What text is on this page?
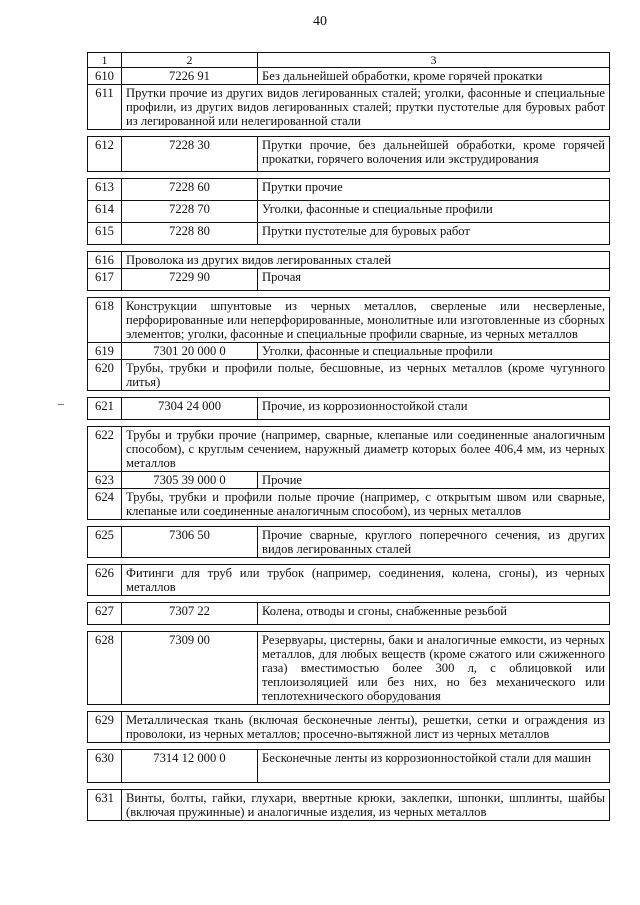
40
1	2	3
610	7226 91	Без дальнейшей обработки, кроме горячей прокатки
611	Прутки прочие из других видов легированных сталей; уголки, фасонные и специальные профили, из других видов легированных сталей; прутки пустотелые для буровых работ из легированной или нелегированной стали	

612	7228 30	Прутки прочие, без дальнейшей обработки, кроме горячей прокатки, горячего волочения или экструдирования

613	7228 60	Прутки прочие
614	7228 70	Уголки, фасонные и специальные профили
615	7228 80	Прутки пустотелые для буровых работ

616	Проволока из других видов легированных сталей	
617	7229 90	Прочая

618	Конструкции шпунтовые из черных металлов, сверленые или несверленые, перфорированные или неперфорированные, монолитные или изготовленные из сборных элементов; уголки, фасонные и специальные профили сварные, из черных металлов	
619	7301 20 000 0	Уголки, фасонные и специальные профили
620	Трубы, трубки и профили полые, бесшовные, из черных металлов (кроме чугунного литья)	

621	7304 24 000	Прочие, из коррозионностойкой стали

622	Трубы и трубки прочие (например, сварные, клепаные или соединенные аналогичным способом), с круглым сечением, наружный диаметр которых более 406,4 мм, из черных металлов	
623	7305 39 000 0	Прочие
624	Трубы, трубки и профили полые прочие (например, с открытым швом или сварные, клепаные или соединенные аналогичным способом), из черных металлов	

625	7306 50	Прочие сварные, круглого поперечного сечения, из других видов легированных сталей

626	Фитинги для труб или трубок (например, соединения, колена, сгоны), из черных металлов	

627	7307 22	Колена, отводы и сгоны, снабженные резьбой

628	7309 00	Резервуары, цистерны, баки и аналогичные емкости, из черных металлов, для любых веществ (кроме сжатого или сжиженного газа) вместимостью более 300 л, с облицовкой или теплоизоляцией или без них, но без механического или теплотехнического оборудования

629	Металлическая ткань (включая бесконечные ленты), решетки, сетки и ограждения из проволоки, из черных металлов; просечно-вытяжной лист из черных металлов	

630	7314 12 000 0	Бесконечные ленты из коррозионностойкой стали для машин

631	Винты, болты, гайки, глухари, ввертные крюки, заклепки, шпонки, шплинты, шайбы (включая пружинные) и аналогичные изделия, из черных металлов	
